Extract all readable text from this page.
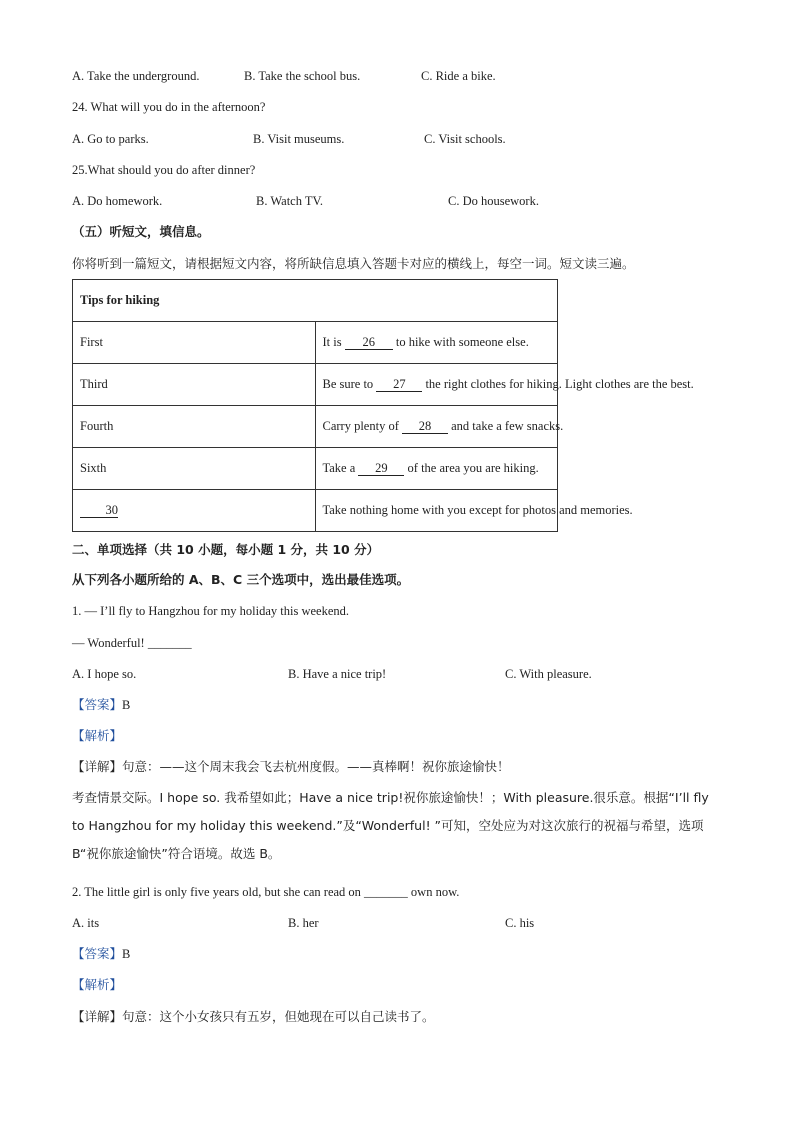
A. Take the underground.	B. Take the school bus.	C. Ride a bike.
24. What will you do in the afternoon?
A. Go to parks.	B. Visit museums.	C. Visit schools.
25.What should you do after dinner?
A. Do homework.	B. Watch TV.	C. Do housework.
（五）听短文，填信息。
你将听到一篇短文，请根据短文内容，将所缺信息填入答题卡对应的横线上，每空一词。短文读三遍。
Tips for hiking	
First	It is 26 to hike with someone else.
Third	Be sure to 27 the right clothes for hiking. Light clothes are the best.
Fourth	Carry plenty of 28 and take a few snacks.
Sixth	Take a 29 of the area you are hiking.
30	Take nothing home with you except for photos and memories.
二、单项选择（共 10 小题，每小题 1 分，共 10 分）
从下列各小题所给的 A、B、C 三个选项中，选出最佳选项。
1. — I’ll fly to Hangzhou for my holiday this weekend.
— Wonderful! _______
A. I hope so.	B. Have a nice trip!	C. With pleasure.
【答案】B
【解析】
【详解】句意：——这个周末我会飞去杭州度假。——真棒啊！祝你旅途愉快！
考查情景交际。I hope so. 我希望如此；Have a nice trip!祝你旅途愉快！；With pleasure.很乐意。根据“I’ll fly to Hangzhou for my holiday this weekend.”及“Wonderful! ”可知，空处应为对这次旅行的祝福与希望，选项 B“祝你旅途愉快”符合语境。故选 B。
2. The little girl is only five years old, but she can read on _______ own now.
A. its	B. her	C. his
【答案】B
【解析】
【详解】句意：这个小女孩只有五岁，但她现在可以自己读书了。
